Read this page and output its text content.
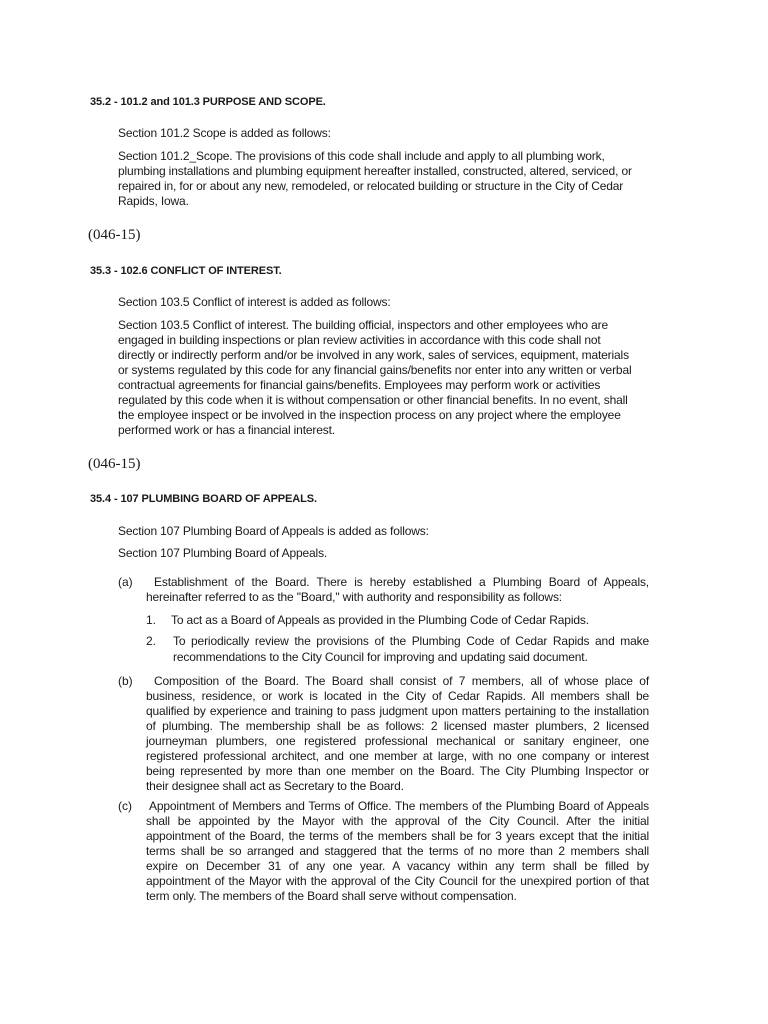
35.2 - 101.2 and 101.3 PURPOSE AND SCOPE.
Section 101.2 Scope is added as follows:
Section 101.2_Scope. The provisions of this code shall include and apply to all plumbing work,
plumbing installations and plumbing equipment hereafter installed, constructed, altered, serviced, or
repaired in, for or about any new, remodeled, or relocated building or structure in the City of Cedar
Rapids, Iowa.
(046-15)
35.3 - 102.6 CONFLICT OF INTEREST.
Section 103.5 Conflict of interest is added as follows:
Section 103.5 Conflict of interest. The building official, inspectors and other employees who are
engaged in building inspections or plan review activities in accordance with this code shall not
directly or indirectly perform and/or be involved in any work, sales of services, equipment, materials
or systems regulated by this code for any financial gains/benefits nor enter into any written or verbal
contractual agreements for financial gains/benefits. Employees may perform work or activities
regulated by this code when it is without compensation or other financial benefits. In no event, shall
the employee inspect or be involved in the inspection process on any project where the employee
performed work or has a financial interest.
(046-15)
35.4 - 107 PLUMBING BOARD OF APPEALS.
Section 107 Plumbing Board of Appeals is added as follows:
Section 107 Plumbing Board of Appeals.
(a) Establishment of the Board. There is hereby established a Plumbing Board of Appeals,
hereinafter referred to as the "Board," with authority and responsibility as follows:
1. To act as a Board of Appeals as provided in the Plumbing Code of Cedar Rapids.
2. To periodically review the provisions of the Plumbing Code of Cedar Rapids and make
recommendations to the City Council for improving and updating said document.
(b) Composition of the Board. The Board shall consist of 7 members, all of whose place of
business, residence, or work is located in the City of Cedar Rapids. All members shall be
qualified by experience and training to pass judgment upon matters pertaining to the installation
of plumbing. The membership shall be as follows: 2 licensed master plumbers, 2 licensed
journeyman plumbers, one registered professional mechanical or sanitary engineer, one
registered professional architect, and one member at large, with no one company or interest
being represented by more than one member on the Board. The City Plumbing Inspector or
their designee shall act as Secretary to the Board.
(c) Appointment of Members and Terms of Office. The members of the Plumbing Board of Appeals
shall be appointed by the Mayor with the approval of the City Council. After the initial
appointment of the Board, the terms of the members shall be for 3 years except that the initial
terms shall be so arranged and staggered that the terms of no more than 2 members shall
expire on December 31 of any one year. A vacancy within any term shall be filled by
appointment of the Mayor with the approval of the City Council for the unexpired portion of that
term only. The members of the Board shall serve without compensation.
